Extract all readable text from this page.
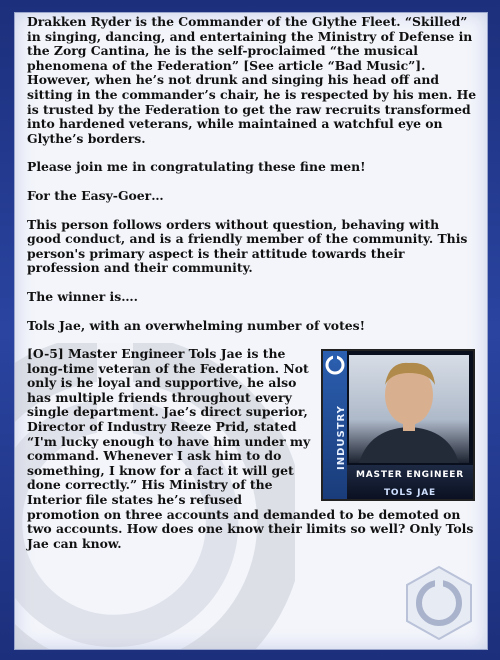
Drakken Ryder is the Commander of the Glythe Fleet. “Skilled” in singing, dancing, and entertaining the Ministry of Defense in the Zorg Cantina, he is the self-proclaimed “the musical phenomena of the Federation” [See article “Bad Music”]. However, when he’s not drunk and singing his head off and sitting in the commander’s chair, he is respected by his men. He is trusted by the Federation to get the raw recruits transformed into hardened veterans, while maintained a watchful eye on Glythe’s borders.

Please join me in congratulating these fine men!

For the Easy-Goer…

This person follows orders without question, behaving with good conduct, and is a friendly member of the community. This person's primary aspect is their attitude towards their profession and their community.

The winner is….

Tols Jae, with an overwhelming number of votes!

INDUSTRY
MASTER ENGINEER
TOLS JAE

[O-5] Master Engineer Tols Jae is the long-time veteran of the Federation. Not only is he loyal and supportive, he also has multiple friends throughout every single department. Jae’s direct superior, Director of Industry Reeze Prid, stated “I'm lucky enough to have him under my command. Whenever I ask him to do something, I know for a fact it will get done correctly.” His Ministry of the Interior file states he’s refused promotion on three accounts and demanded to be demoted on two accounts. How does one know their limits so well? Only Tols Jae can know.
